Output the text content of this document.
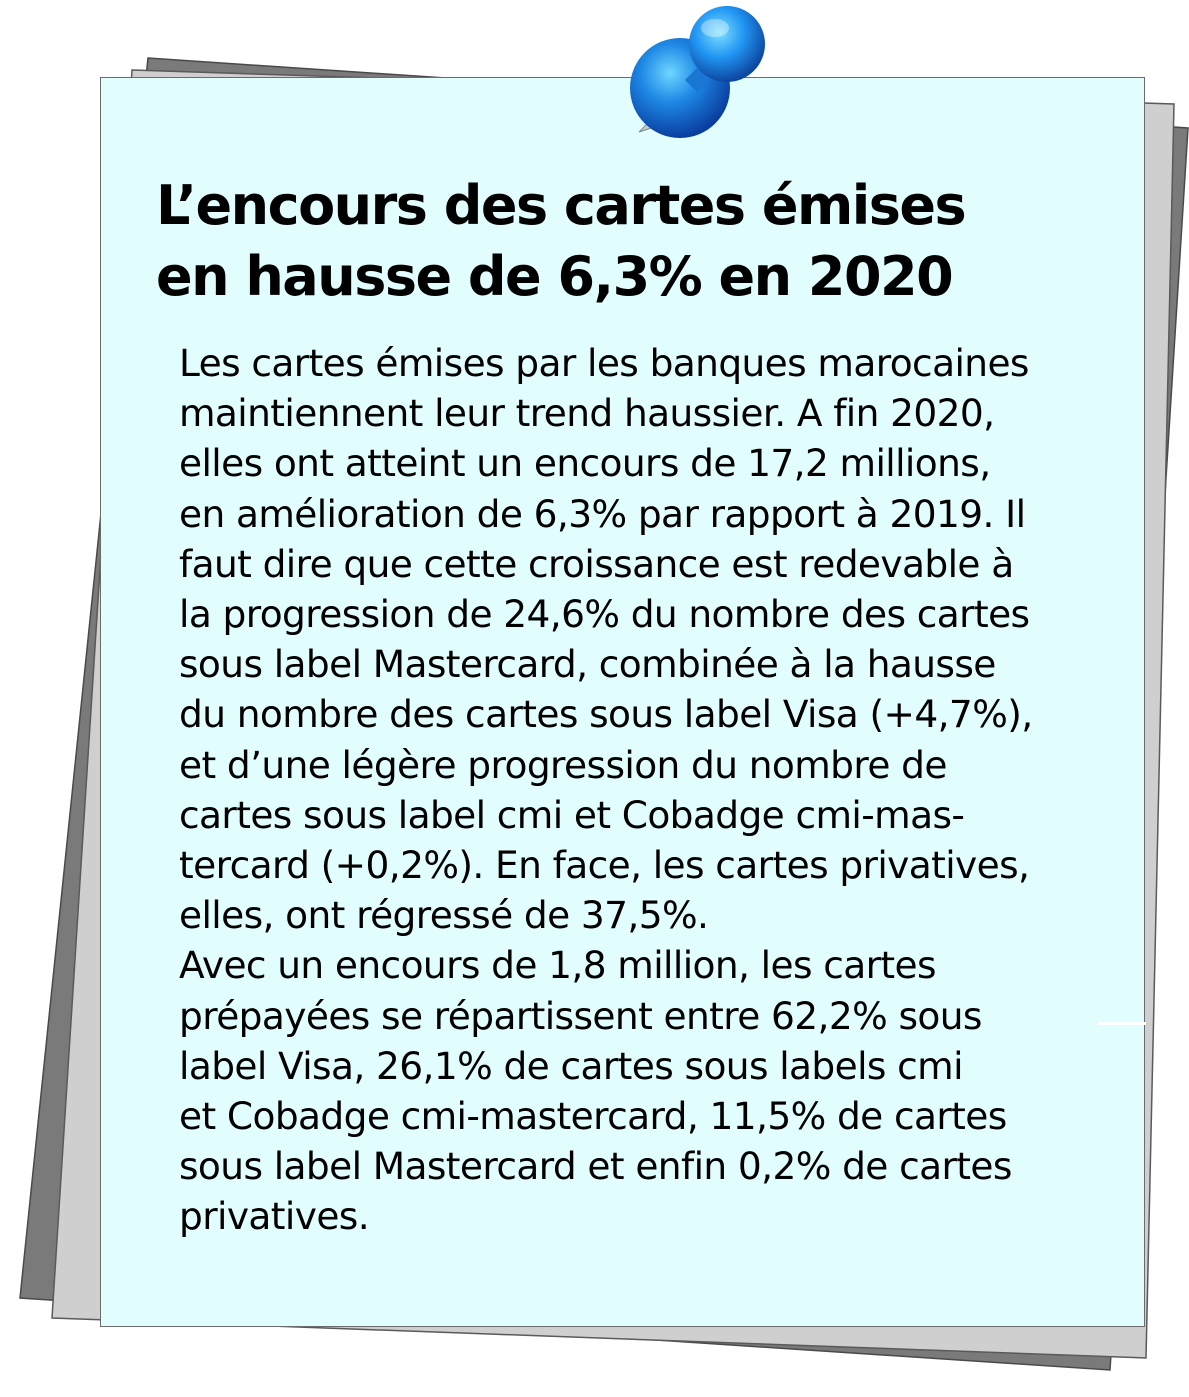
L’encours des cartes émises
en hausse de 6,3% en 2020
Les cartes émises par les banques marocaines
maintiennent leur trend haussier. A fin 2020,
elles ont atteint un encours de 17,2 millions,
en amélioration de 6,3% par rapport à 2019. Il
faut dire que cette croissance est redevable à
la progression de 24,6% du nombre des cartes
sous label Mastercard, combinée à la hausse
du nombre des cartes sous label Visa (+4,7%),
et d’une légère progression du nombre de
cartes sous label cmi et Cobadge cmi-mas-
tercard (+0,2%). En face, les cartes privatives,
elles, ont régressé de 37,5%.
Avec un encours de 1,8 million, les cartes
prépayées se répartissent entre 62,2% sous
label Visa, 26,1% de cartes sous labels cmi
et Cobadge cmi-mastercard, 11,5% de cartes
sous label Mastercard et enfin 0,2% de cartes
privatives.
